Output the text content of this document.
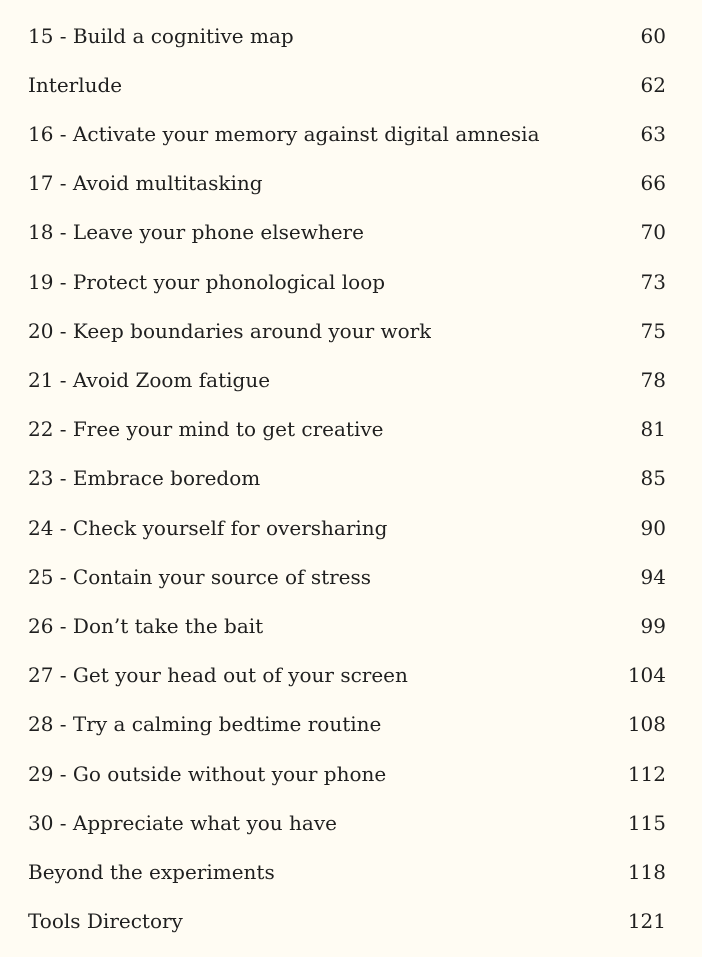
15 - Build a cognitive map	60
Interlude	62
16 - Activate your memory against digital amnesia	63
17 - Avoid multitasking	66
18 - Leave your phone elsewhere	70
19 - Protect your phonological loop	73
20 - Keep boundaries around your work	75
21 - Avoid Zoom fatigue	78
22 - Free your mind to get creative	81
23 - Embrace boredom	85
24 - Check yourself for oversharing	90
25 - Contain your source of stress	94
26 - Don’t take the bait	99
27 - Get your head out of your screen	104
28 - Try a calming bedtime routine	108
29 - Go outside without your phone	112
30 - Appreciate what you have	115
Beyond the experiments	118
Tools Directory	121
